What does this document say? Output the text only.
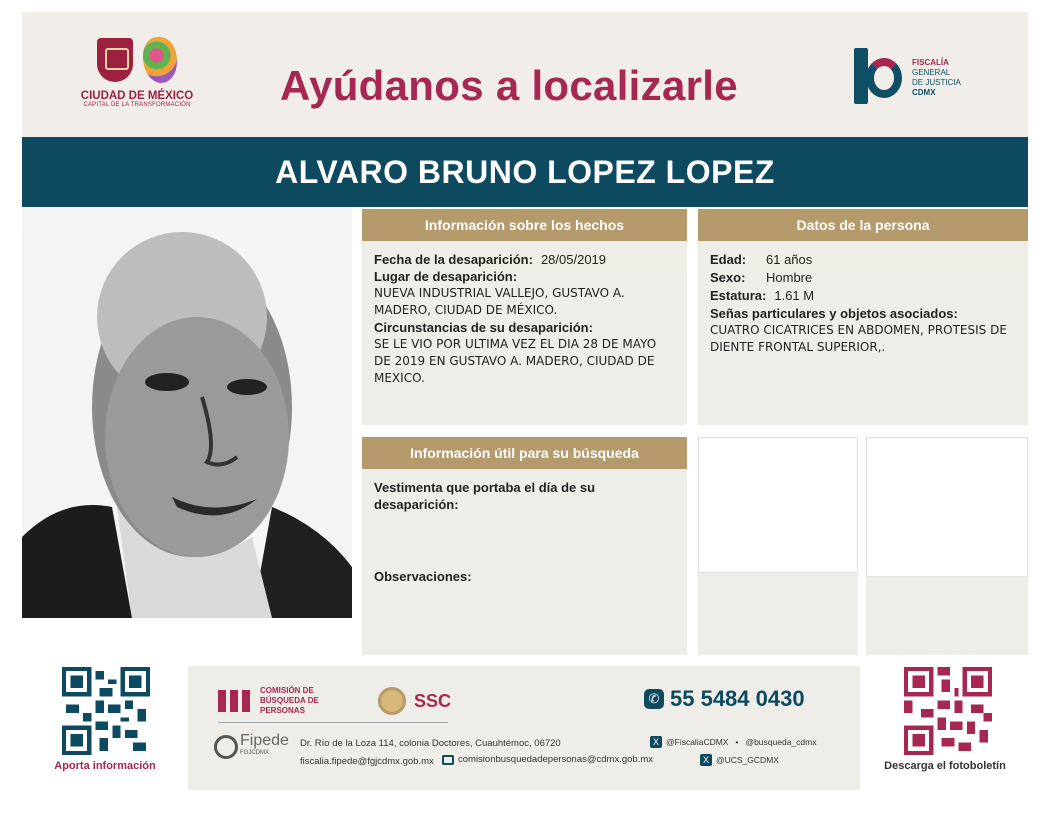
CIUDAD DE MÉXICO
CAPITAL DE LA TRANSFORMACIÓN Ayúdanos a localizarle	FISCALÍA
GENERAL
DE JUSTICIA
CDMX
ALVARO BRUNO LOPEZ LOPEZ
Información sobre los hechos
Fecha de la desaparición: 28/05/2019
Lugar de desaparición:
NUEVA INDUSTRIAL VALLEJO, GUSTAVO A. MADERO, CIUDAD DE MÉXICO.
Circunstancias de su desaparición:
SE LE VIO POR ULTIMA VEZ EL DIA 28 DE MAYO DE 2019 EN GUSTAVO A. MADERO, CIUDAD DE MEXICO.
Datos de la persona
Edad:	61 años
Sexo:	Hombre
Estatura: 1.61 M
Señas particulares y objetos asociados:
CUATRO CICATRICES EN ABDOMEN, PROTESIS DE DIENTE FRONTAL SUPERIOR,.
Información útil para su búsqueda
Vestimenta que portaba el día de su desaparición:
Observaciones:
Aporta información
COMISIÓN DE BÚSQUEDA DE PERSONAS	SSC	✆ 55 5484 0430
Fipede
FGJCDMX
Dr. Río de la Loza 114, colonia Doctores, Cuauhtémoc, 06720
fiscalia.fipede@fgjcdmx.gob.mx	comisionbusquedadepersonas@cdmx.gob.mx
X @FiscaliaCDMX • @busqueda_cdmx
X @UCS_GCDMX	Descarga el fotoboletín
